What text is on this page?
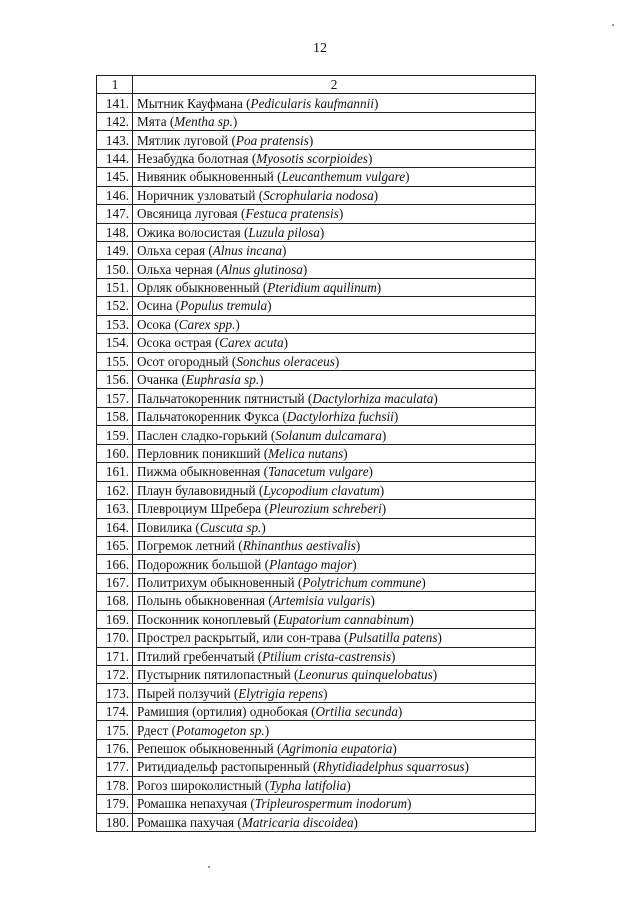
12
1	2
141.	Мытник Кауфмана (Pedicularis kaufmannii)
142.	Мята (Mentha sp.)
143.	Мятлик луговой (Poa pratensis)
144.	Незабудка болотная (Myosotis scorpioides)
145.	Нивяник обыкновенный (Leucanthemum vulgare)
146.	Норичник узловатый (Scrophularia nodosa)
147.	Овсяница луговая (Festuca pratensis)
148.	Ожика волосистая (Luzula pilosa)
149.	Ольха серая (Alnus incana)
150.	Ольха черная (Alnus glutinosa)
151.	Орляк обыкновенный (Pteridium aquilinum)
152.	Осина (Populus tremula)
153.	Осока (Carex spp.)
154.	Осока острая (Carex acuta)
155.	Осот огородный (Sonchus oleraceus)
156.	Очанка (Euphrasia sp.)
157.	Пальчатокоренник пятнистый (Dactylorhiza maculata)
158.	Пальчатокоренник Фукса (Dactylorhiza fuchsii)
159.	Паслен сладко-горький (Solanum dulcamara)
160.	Перловник поникший (Melica nutans)
161.	Пижма обыкновенная (Tanacetum vulgare)
162.	Плаун булавовидный (Lycopodium clavatum)
163.	Плевроциум Шребера (Pleurozium schreberi)
164.	Повилика (Cuscuta sp.)
165.	Погремок летний (Rhinanthus aestivalis)
166.	Подорожник большой (Plantago major)
167.	Политрихум обыкновенный (Polytrichum commune)
168.	Полынь обыкновенная (Artemisia vulgaris)
169.	Посконник коноплевый (Eupatorium cannabinum)
170.	Прострел раскрытый, или сон-трава (Pulsatilla patens)
171.	Птилий гребенчатый (Ptilium crista-castrensis)
172.	Пустырник пятилопастный (Leonurus quinquelobatus)
173.	Пырей ползучий (Elytrigia repens)
174.	Рамишия (ортилия) однобокая (Ortilia secunda)
175.	Рдест (Potamogeton sp.)
176.	Репешок обыкновенный (Agrimonia eupatoria)
177.	Ритидиадельф растопыренный (Rhytidiadelphus squarrosus)
178.	Рогоз широколистный (Typha latifolia)
179.	Ромашка непахучая (Tripleurospermum inodorum)
180.	Ромашка пахучая (Matricaria discoidea)
